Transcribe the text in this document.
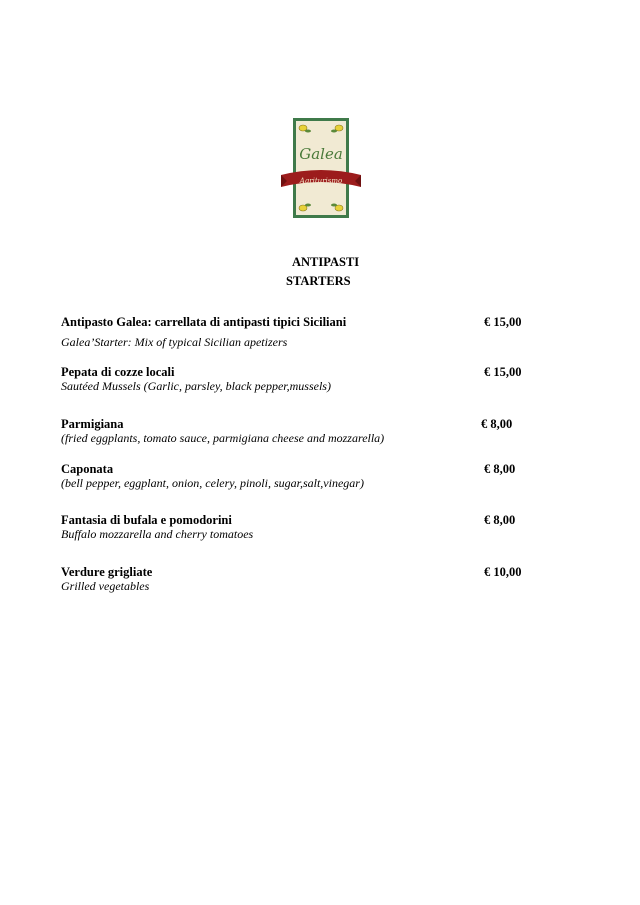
Galea
Agriturismo
ANTIPASTI
STARTERS
Antipasto Galea: carrellata di antipasti tipici Siciliani
Galea’Starter: Mix of typical Sicilian apetizers
€ 15,00
Pepata di cozze locali
Sautéed Mussels (Garlic, parsley, black pepper,mussels)
€ 15,00
Parmigiana
(fried eggplants, tomato sauce, parmigiana cheese and mozzarella)
€ 8,00
Caponata
(bell pepper, eggplant, onion, celery, pinoli, sugar,salt,vinegar)
€ 8,00
Fantasia di bufala e pomodorini
Buffalo mozzarella and cherry tomatoes
€ 8,00
Verdure grigliate
Grilled vegetables
€ 10,00
